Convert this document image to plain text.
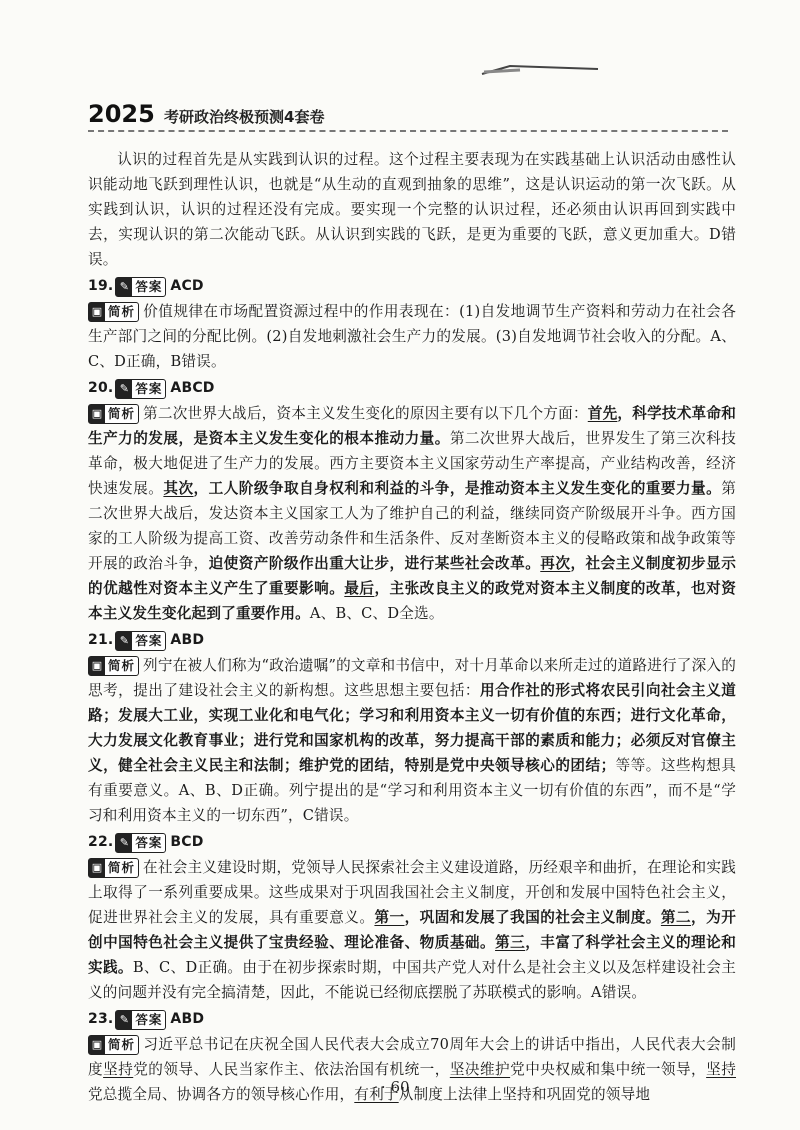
2025 考研政治终极预测4套卷

认识的过程首先是从实践到认识的过程。这个过程主要表现为在实践基础上认识活动由感性认识能动地飞跃到理性认识，也就是“从生动的直观到抽象的思维”，这是认识运动的第一次飞跃。从实践到认识，认识的过程还没有完成。要实现一个完整的认识过程，还必须由认识再回到实践中去，实现认识的第二次能动飞跃。从认识到实践的飞跃，是更为重要的飞跃，意义更加重大。D错误。

19. ✎ 答案 ACD

▣ 简析 价值规律在市场配置资源过程中的作用表现在：(1)自发地调节生产资料和劳动力在社会各生产部门之间的分配比例。(2)自发地刺激社会生产力的发展。(3)自发地调节社会收入的分配。A、C、D正确，B错误。

20. ✎ 答案 ABCD

▣ 简析 第二次世界大战后，资本主义发生变化的原因主要有以下几个方面：首先，科学技术革命和生产力的发展，是资本主义发生变化的根本推动力量。第二次世界大战后，世界发生了第三次科技革命，极大地促进了生产力的发展。西方主要资本主义国家劳动生产率提高，产业结构改善，经济快速发展。其次，工人阶级争取自身权利和利益的斗争，是推动资本主义发生变化的重要力量。第二次世界大战后，发达资本主义国家工人为了维护自己的利益，继续同资产阶级展开斗争。西方国家的工人阶级为提高工资、改善劳动条件和生活条件、反对垄断资本主义的侵略政策和战争政策等开展的政治斗争，迫使资产阶级作出重大让步，进行某些社会改革。再次，社会主义制度初步显示的优越性对资本主义产生了重要影响。最后，主张改良主义的政党对资本主义制度的改革，也对资本主义发生变化起到了重要作用。A、B、C、D全选。

21. ✎ 答案 ABD

▣ 简析 列宁在被人们称为“政治遗嘱”的文章和书信中，对十月革命以来所走过的道路进行了深入的思考，提出了建设社会主义的新构想。这些思想主要包括：用合作社的形式将农民引向社会主义道路；发展大工业，实现工业化和电气化；学习和利用资本主义一切有价值的东西；进行文化革命，大力发展文化教育事业；进行党和国家机构的改革，努力提高干部的素质和能力；必须反对官僚主义，健全社会主义民主和法制；维护党的团结，特别是党中央领导核心的团结；等等。这些构想具有重要意义。A、B、D正确。列宁提出的是“学习和利用资本主义一切有价值的东西”，而不是“学习和利用资本主义的一切东西”，C错误。

22. ✎ 答案 BCD

▣ 简析 在社会主义建设时期，党领导人民探索社会主义建设道路，历经艰辛和曲折，在理论和实践上取得了一系列重要成果。这些成果对于巩固我国社会主义制度，开创和发展中国特色社会主义，促进世界社会主义的发展，具有重要意义。第一，巩固和发展了我国的社会主义制度。第二，为开创中国特色社会主义提供了宝贵经验、理论准备、物质基础。第三，丰富了科学社会主义的理论和实践。B、C、D正确。由于在初步探索时期，中国共产党人对什么是社会主义以及怎样建设社会主义的问题并没有完全搞清楚，因此，不能说已经彻底摆脱了苏联模式的影响。A错误。

23. ✎ 答案 ABD

▣ 简析 习近平总书记在庆祝全国人民代表大会成立70周年大会上的讲话中指出，人民代表大会制度坚持党的领导、人民当家作主、依法治国有机统一，坚决维护党中央权威和集中统一领导，坚持党总揽全局、协调各方的领导核心作用，有利于从制度上法律上坚持和巩固党的领导地

· 60 ·
